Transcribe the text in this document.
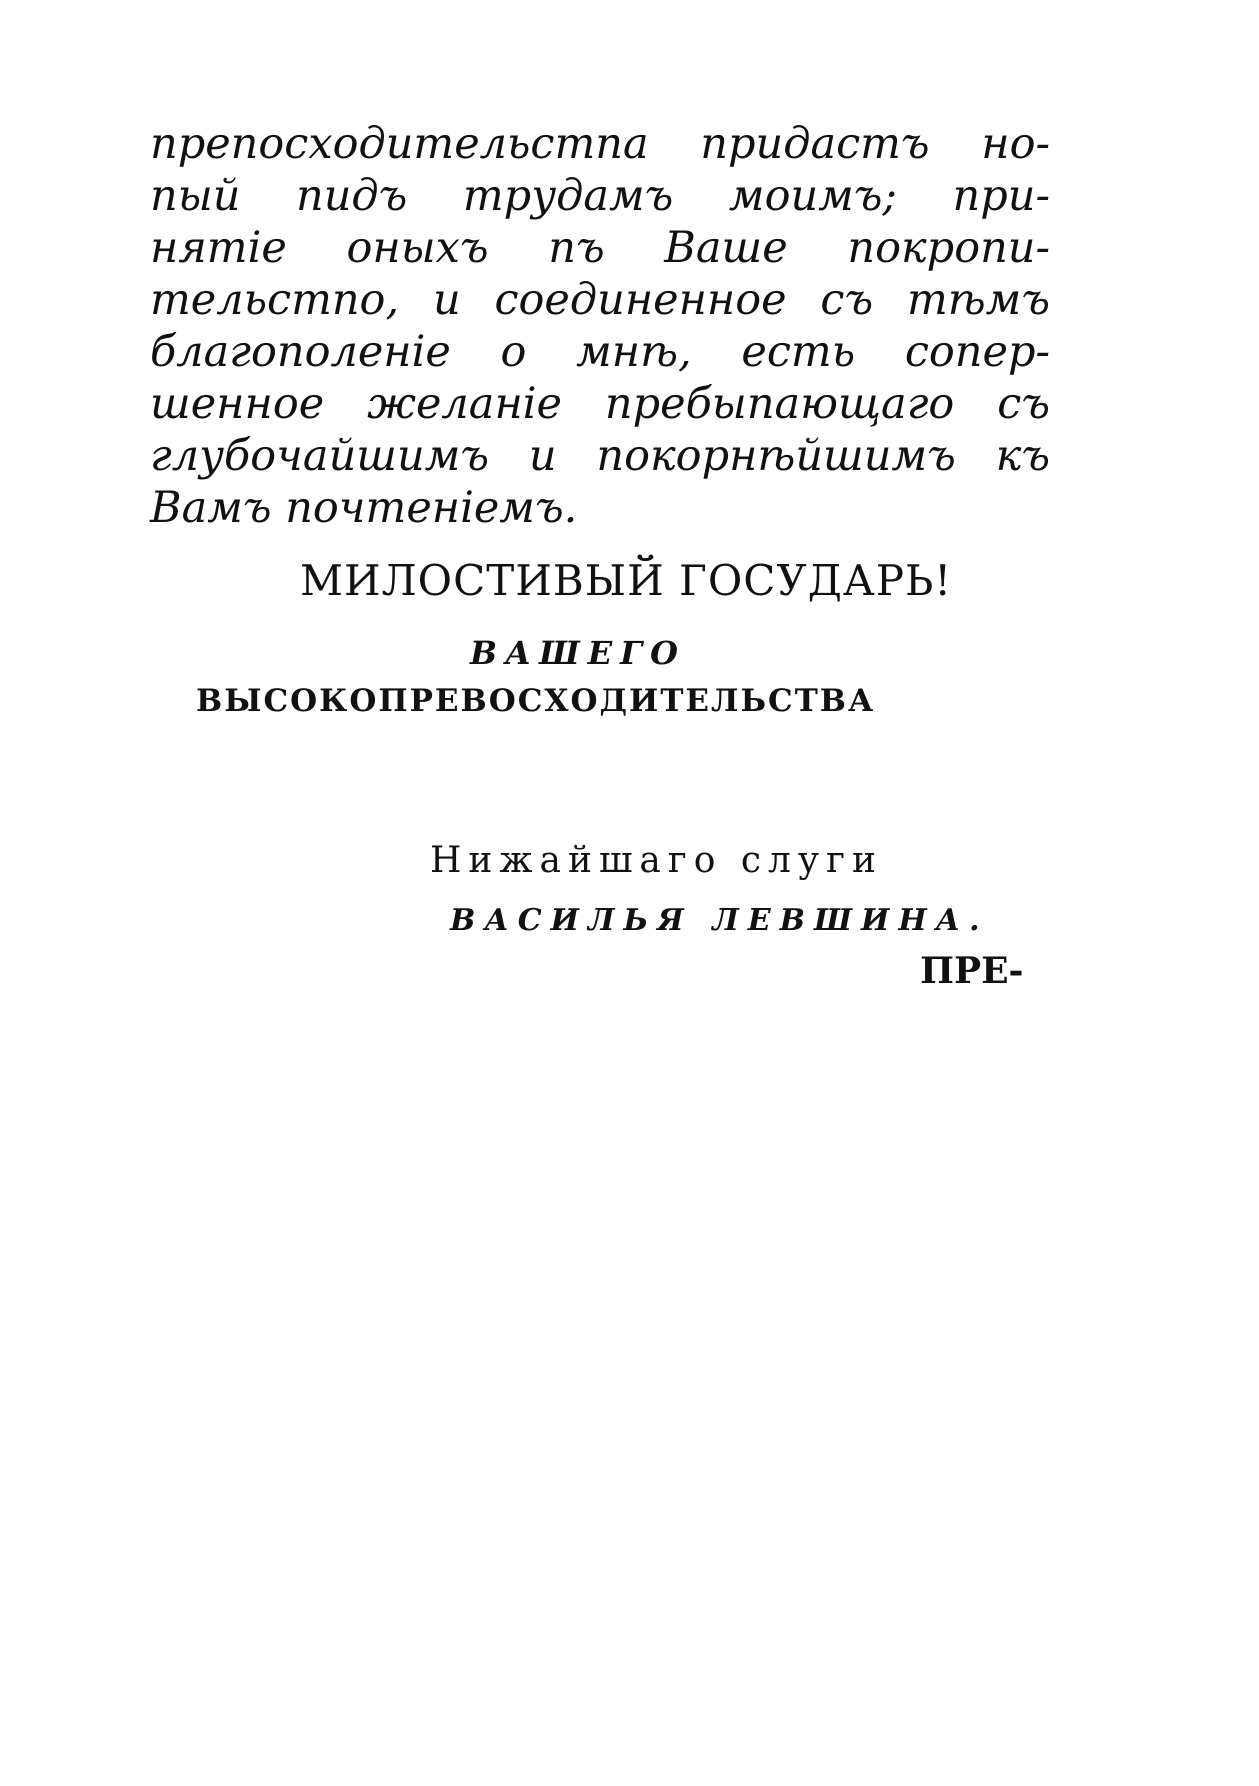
препосходительстпа придастъ но-
пый пидъ трудамъ моимъ; при-
нятіе оныхъ пъ Ваше покропи-
тельстпо, и соединенное съ тѣмъ
благополеніе о мнѣ, есть сопер-
шенное желаніе пребыпающаго съ
глубочайшимъ и покорнѣйшимъ къ
Вамъ почтеніемъ.
МИЛОСТИВЫЙ ГОСУДАРЬ!
ВАШЕГО
ВЫСОКОПРЕВОСХОДИТЕЛЬСТВА
Нижайшаго слуги
ВАСИЛЬЯ ЛЕВШИНА.
ПРЕ-
